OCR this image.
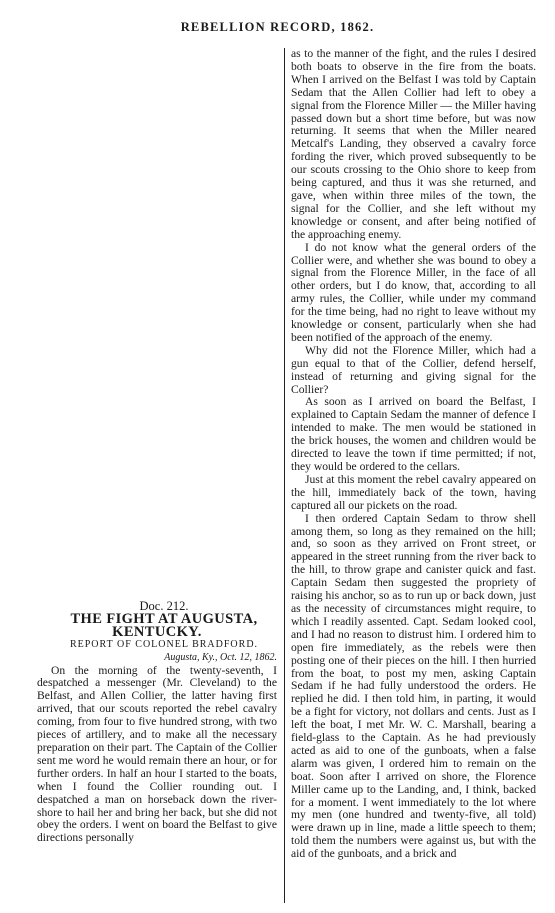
REBELLION RECORD, 1862.

Doc. 212.

THE FIGHT AT AUGUSTA, KENTUCKY.

REPORT OF COLONEL BRADFORD.

Augusta, Ky., Oct. 12, 1862.

On the morning of the twenty-seventh, I despatched a messenger (Mr. Cleveland) to the Belfast, and Allen Collier, the latter having first arrived, that our scouts reported the rebel cavalry coming, from four to five hundred strong, with two pieces of artillery, and to make all the necessary preparation on their part. The Captain of the Collier sent me word he would remain there an hour, or for further orders. In half an hour I started to the boats, when I found the Collier rounding out. I despatched a man on horseback down the river-shore to hail her and bring her back, but she did not obey the orders. I went on board the Belfast to give directions personally

as to the manner of the fight, and the rules I desired both boats to observe in the fire from the boats. When I arrived on the Belfast I was told by Captain Sedam that the Allen Collier had left to obey a signal from the Florence Miller — the Miller having passed down but a short time before, but was now returning. It seems that when the Miller neared Metcalf's Landing, they observed a cavalry force fording the river, which proved subsequently to be our scouts crossing to the Ohio shore to keep from being captured, and thus it was she returned, and gave, when within three miles of the town, the signal for the Collier, and she left without my knowledge or consent, and after being notified of the approaching enemy.

I do not know what the general orders of the Collier were, and whether she was bound to obey a signal from the Florence Miller, in the face of all other orders, but I do know, that, according to all army rules, the Collier, while under my command for the time being, had no right to leave without my knowledge or consent, particularly when she had been notified of the approach of the enemy.

Why did not the Florence Miller, which had a gun equal to that of the Collier, defend herself, instead of returning and giving signal for the Collier?

As soon as I arrived on board the Belfast, I explained to Captain Sedam the manner of defence I intended to make. The men would be stationed in the brick houses, the women and children would be directed to leave the town if time permitted; if not, they would be ordered to the cellars.

Just at this moment the rebel cavalry appeared on the hill, immediately back of the town, having captured all our pickets on the road.

I then ordered Captain Sedam to throw shell among them, so long as they remained on the hill; and, so soon as they arrived on Front street, or appeared in the street running from the river back to the hill, to throw grape and canister quick and fast. Captain Sedam then suggested the propriety of raising his anchor, so as to run up or back down, just as the necessity of circumstances might require, to which I readily assented. Capt. Sedam looked cool, and I had no reason to distrust him. I ordered him to open fire immediately, as the rebels were then posting one of their pieces on the hill. I then hurried from the boat, to post my men, asking Captain Sedam if he had fully understood the orders. He replied he did. I then told him, in parting, it would be a fight for victory, not dollars and cents. Just as I left the boat, I met Mr. W. C. Marshall, bearing a field-glass to the Captain. As he had previously acted as aid to one of the gunboats, when a false alarm was given, I ordered him to remain on the boat. Soon after I arrived on shore, the Florence Miller came up to the Landing, and, I think, backed for a moment. I went immediately to the lot where my men (one hundred and twenty-five, all told) were drawn up in line, made a little speech to them; told them the numbers were against us, but with the aid of the gunboats, and a brick and
